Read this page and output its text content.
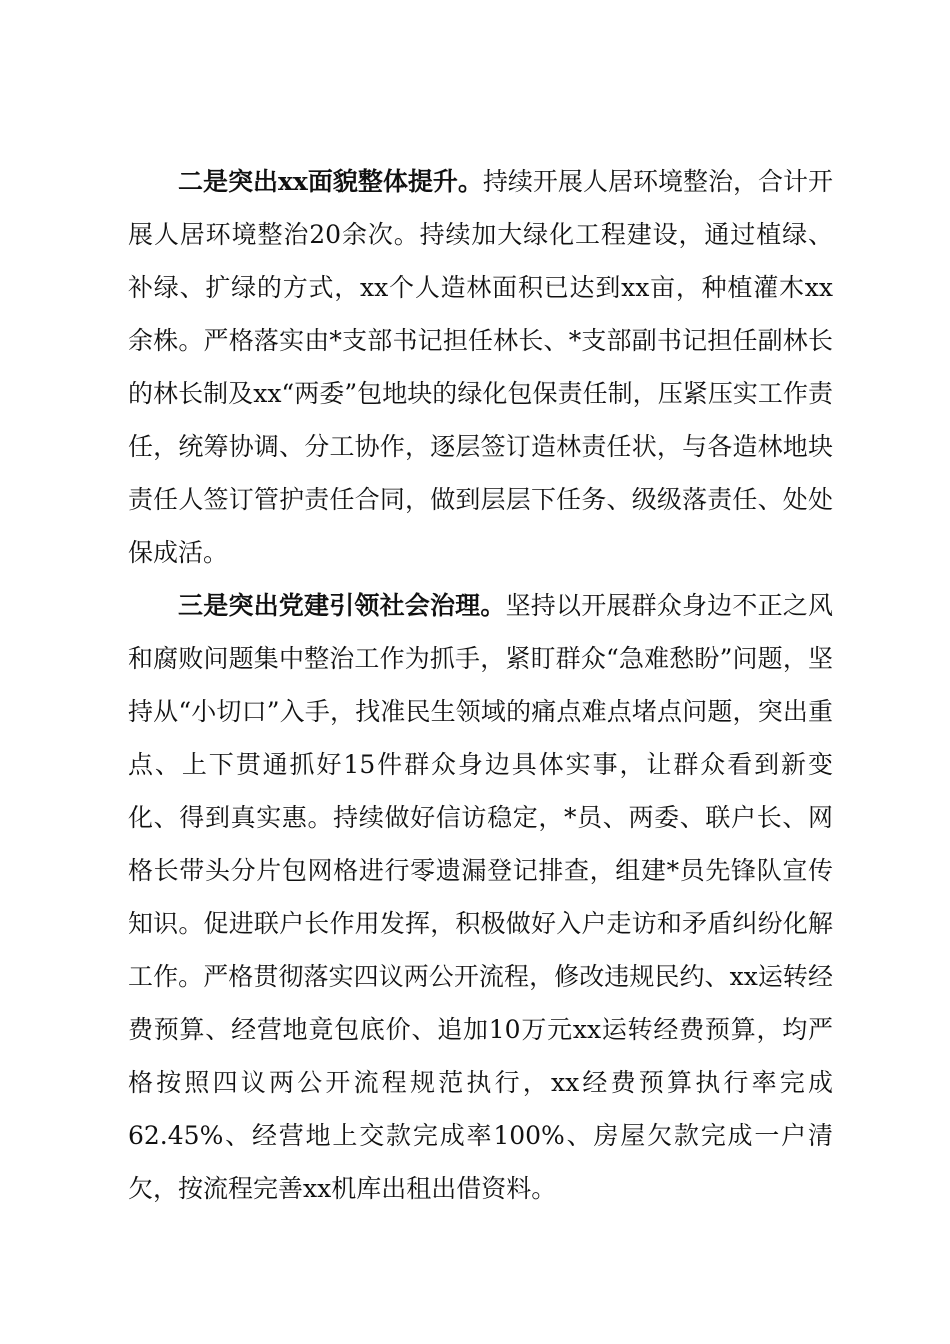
二是突出xx面貌整体提升。持续开展人居环境整治，合计开展人居环境整治20余次。持续加大绿化工程建设，通过植绿、补绿、扩绿的方式，xx个人造林面积已达到xx亩，种植灌木xx余株。严格落实由*支部书记担任林长、*支部副书记担任副林长的林长制及xx“两委”包地块的绿化包保责任制，压紧压实工作责任，统筹协调、分工协作，逐层签订造林责任状，与各造林地块责任人签订管护责任合同，做到层层下任务、级级落责任、处处保成活。

三是突出党建引领社会治理。坚持以开展群众身边不正之风和腐败问题集中整治工作为抓手，紧盯群众“急难愁盼”问题，坚持从“小切口”入手，找准民生领域的痛点难点堵点问题，突出重点、上下贯通抓好15件群众身边具体实事，让群众看到新变化、得到真实惠。持续做好信访稳定，*员、两委、联户长、网格长带头分片包网格进行零遗漏登记排查，组建*员先锋队宣传知识。促进联户长作用发挥，积极做好入户走访和矛盾纠纷化解工作。严格贯彻落实四议两公开流程，修改违规民约、xx运转经费预算、经营地竟包底价、追加10万元xx运转经费预算，均严格按照四议两公开流程规范执行，xx经费预算执行率完成62.45%、经营地上交款完成率100%、房屋欠款完成一户清欠，按流程完善xx机库出租出借资料。
